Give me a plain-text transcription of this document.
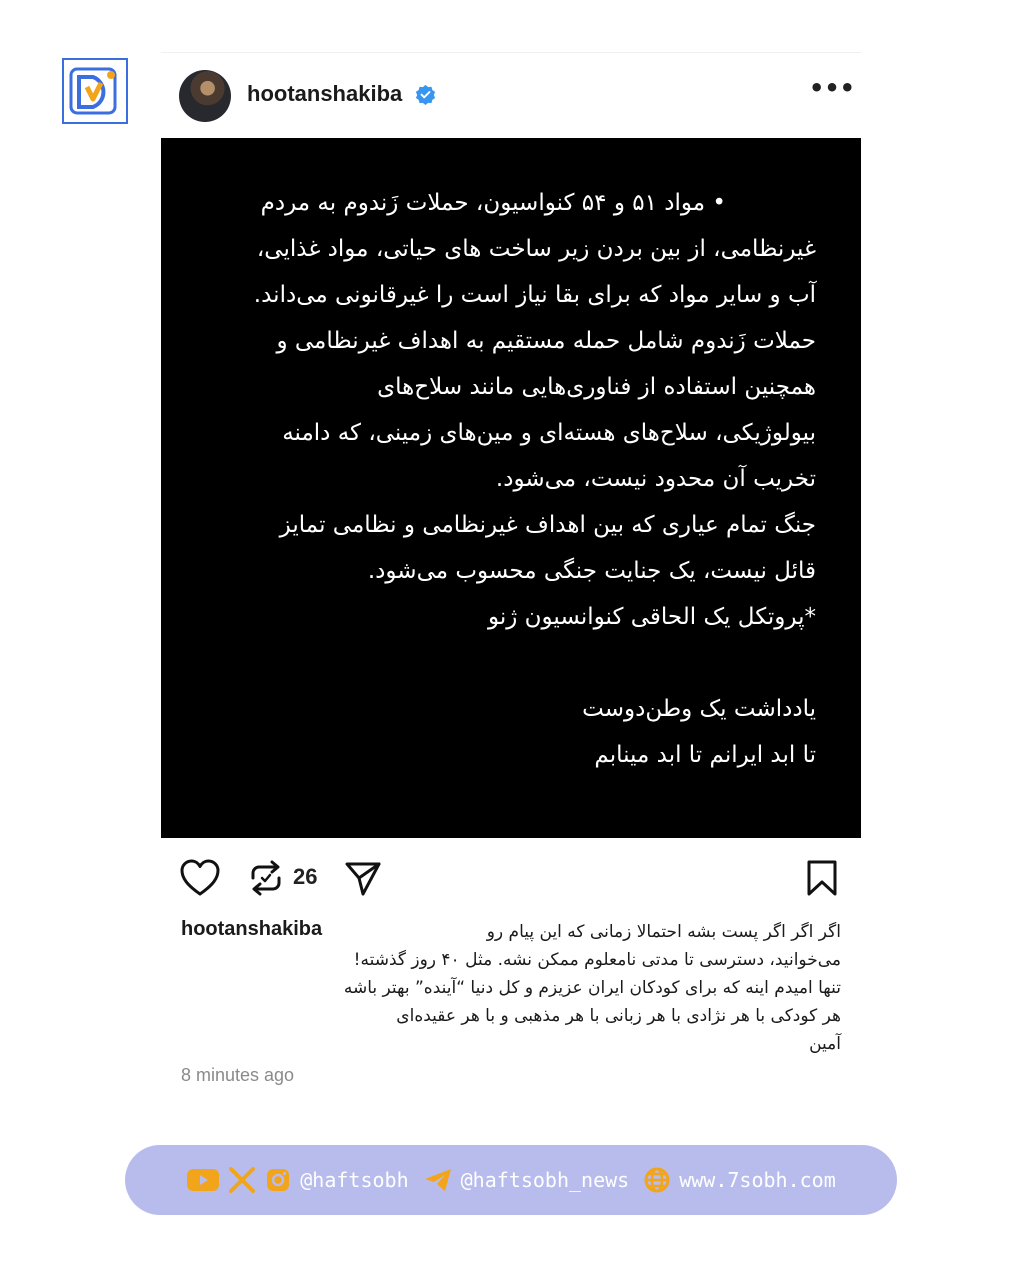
hootanshakiba	•••
• مواد ۵۱ و ۵۴ کنواسیون، حملات زَندوم به مردم
غیرنظامی، از بین بردن زیر ساخت های حیاتی، مواد غذایی،
آب و سایر مواد که برای بقا نیاز است را غیرقانونی می‌داند.
حملات زَندوم شامل حمله مستقیم به اهداف غیرنظامی و
همچنین استفاده از فناوری‌هایی مانند سلاح‌های
بیولوژیکی، سلاح‌های هسته‌ای و مین‌های زمینی، که دامنه
تخریب آن محدود نیست، می‌شود.
جنگ تمام عیاری که بین اهداف غیرنظامی و نظامی تمایز
قائل نیست، یک جنایت جنگی محسوب می‌شود.
*پروتکل یک الحاقی کنوانسیون ژنو
یادداشت یک وطن‌دوست
تا ابد ایرانم تا ابد مینابم
26
hootanshakiba	اگر اگر اگر پست بشه احتمالا زمانی که این پیام رو
می‌خوانید، دسترسی تا مدتی نامعلوم ممکن نشه. مثل ۴۰ روز گذشته!
تنها امیدم اینه که برای کودکان ایران عزیزم و کل دنیا “آینده” بهتر باشه
هر کودکی با هر نژادی با هر زبانی با هر مذهبی و با هر عقیده‌ای
آمین
8 minutes ago
@haftsobh	@haftsobh_news	www.7sobh.com
